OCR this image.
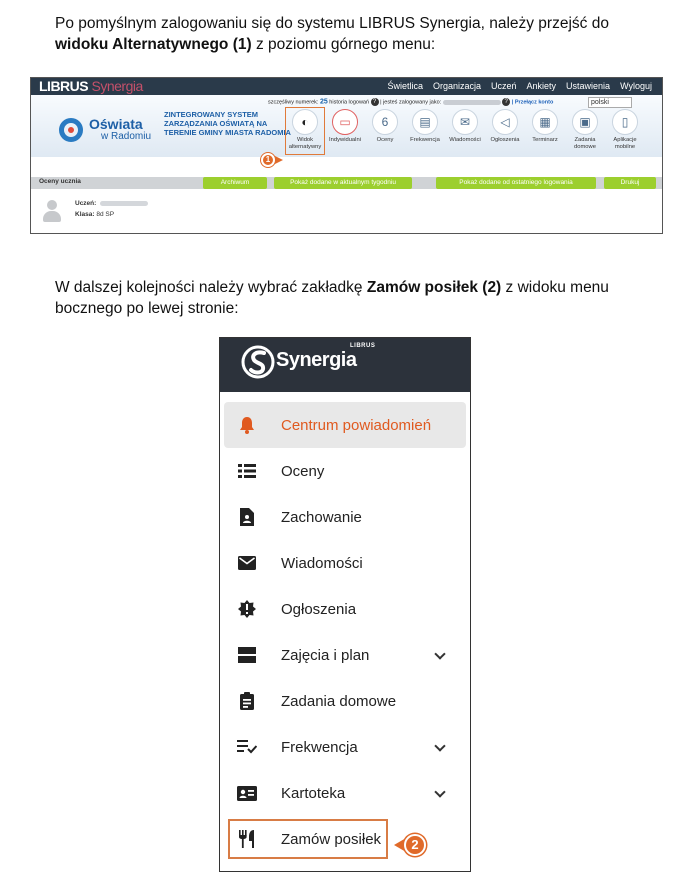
Po pomyślnym zalogowaniu się do systemu LIBRUS Synergia, należy przejść do
widoku Alternatywnego (1) z poziomu górnego menu:
LIBRUS Synergia	Świetlica Organizacja Uczeń Ankiety Ustawienia Wyloguj
szczęśliwy numerek: 25 historia logowań ? | jesteś zalogowany jako:	? | Przełącz konto	polski
Oświata
w Radomiu
ZINTEGROWANY SYSTEM ZARZĄDZANIA OŚWIATĄ NA TERENIE GMINY MIASTA RADOMIA
◐
Widok alternatywny
▭
Indywidualni
6
Oceny
▤
Frekwencja
✉
Wiadomości
◁
Ogłoszenia
▦
Terminarz
▣
Zadania domowe
▯
Aplikacje mobilne
1
Oceny ucznia	Archiwum	Pokaż dodane w aktualnym tygodniu	Pokaż dodane od ostatniego logowania	Drukuj
Uczeń:
Klasa: 8d SP
W dalszej kolejności należy wybrać zakładkę Zamów posiłek (2) z widoku menu bocznego po lewej stronie:
Synergia
LIBRUS
Centrum powiadomień
Oceny
Zachowanie
Wiadomości
Ogłoszenia
Zajęcia i plan
Zadania domowe
Frekwencja
Kartoteka
Zamów posiłek	2
